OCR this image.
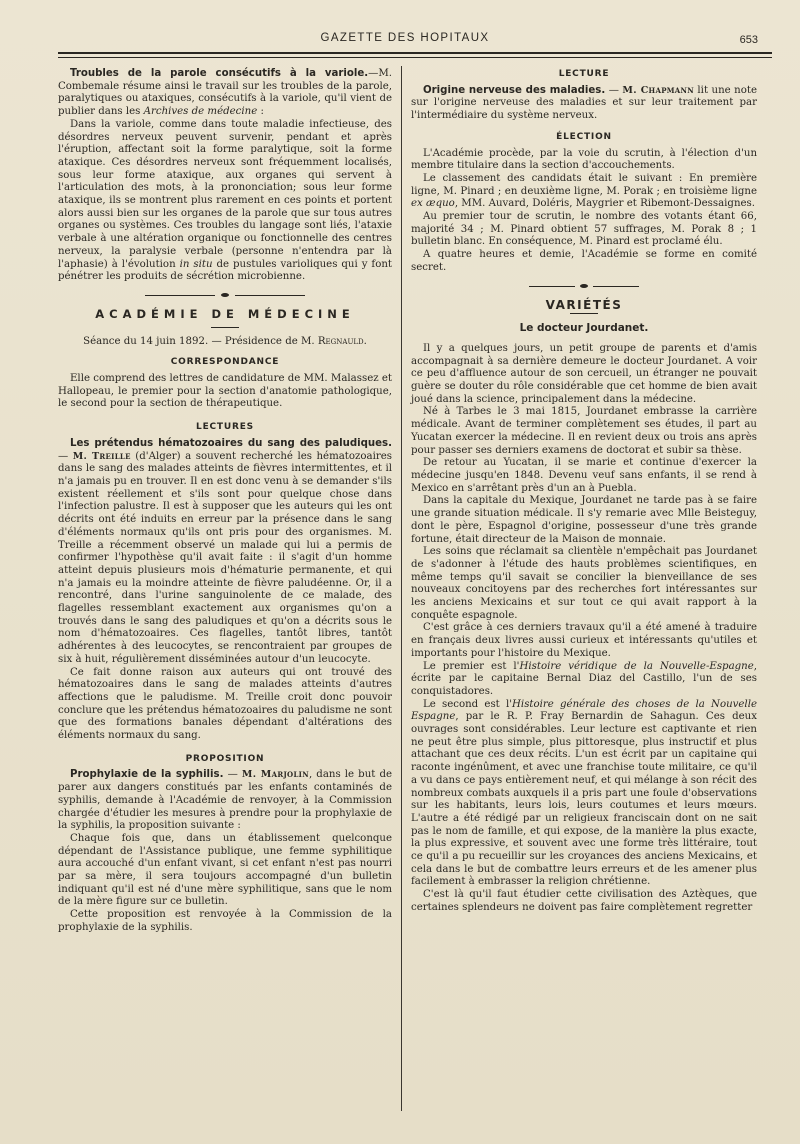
GAZETTE DES HOPITAUX	653

Troubles de la parole consécutifs à la variole.—M. Combemale résume ainsi le travail sur les troubles de la parole, paralytiques ou ataxiques, consécutifs à la variole, qu'il vient de publier dans les Archives de médecine :

Dans la variole, comme dans toute maladie infectieuse, des désordres nerveux peuvent survenir, pendant et après l'éruption, affectant soit la forme paralytique, soit la forme ataxique. Ces désordres nerveux sont fréquemment localisés, sous leur forme ataxique, aux organes qui servent à l'articulation des mots, à la prononciation; sous leur forme ataxique, ils se montrent plus rarement en ces points et portent alors aussi bien sur les organes de la parole que sur tous autres organes ou systèmes. Ces troubles du langage sont liés, l'ataxie verbale à une altération organique ou fonctionnelle des centres nerveux, la paralysie verbale (personne n'entendra par là l'aphasie) à l'évolution in situ de pustules varioliques qui y font pénétrer les produits de sécrétion microbienne.

ACADÉMIE DE MÉDECINE

Séance du 14 juin 1892. — Présidence de M. Regnauld.

CORRESPONDANCE

Elle comprend des lettres de candidature de MM. Malassez et Hallopeau, le premier pour la section d'anatomie pathologique, le second pour la section de thérapeutique.

LECTURES

Les prétendus hématozoaires du sang des paludiques. — M. Treille (d'Alger) a souvent recherché les hématozoaires dans le sang des malades atteints de fièvres intermittentes, et il n'a jamais pu en trouver. Il en est donc venu à se demander s'ils existent réellement et s'ils sont pour quelque chose dans l'infection palustre. Il est à supposer que les auteurs qui les ont décrits ont été induits en erreur par la présence dans le sang d'éléments normaux qu'ils ont pris pour des organismes. M. Treille a récemment observé un malade qui lui a permis de confirmer l'hypothèse qu'il avait faite : il s'agit d'un homme atteint depuis plusieurs mois d'hématurie permanente, et qui n'a jamais eu la moindre atteinte de fièvre paludéenne. Or, il a rencontré, dans l'urine sanguinolente de ce malade, des flagelles ressemblant exactement aux organismes qu'on a trouvés dans le sang des paludiques et qu'on a décrits sous le nom d'hématozoaires. Ces flagelles, tantôt libres, tantôt adhérentes à des leucocytes, se rencontraient par groupes de six à huit, régulièrement disséminées autour d'un leucocyte.

Ce fait donne raison aux auteurs qui ont trouvé des hématozoaires dans le sang de malades atteints d'autres affections que le paludisme. M. Treille croit donc pouvoir conclure que les prétendus hématozoaires du paludisme ne sont que des formations banales dépendant d'altérations des éléments normaux du sang.

PROPOSITION

Prophylaxie de la syphilis. — M. Marjolin, dans le but de parer aux dangers constitués par les enfants contaminés de syphilis, demande à l'Académie de renvoyer, à la Commission chargée d'étudier les mesures à prendre pour la prophylaxie de la syphilis, la proposition suivante :

Chaque fois que, dans un établissement quelconque dépendant de l'Assistance publique, une femme syphilitique aura accouché d'un enfant vivant, si cet enfant n'est pas nourri par sa mère, il sera toujours accompagné d'un bulletin indiquant qu'il est né d'une mère syphilitique, sans que le nom de la mère figure sur ce bulletin.

Cette proposition est renvoyée à la Commission de la prophylaxie de la syphilis.

LECTURE

Origine nerveuse des maladies. — M. Chapmann lit une note sur l'origine nerveuse des maladies et sur leur traitement par l'intermédiaire du système nerveux.

ÉLECTION

L'Académie procède, par la voie du scrutin, à l'élection d'un membre titulaire dans la section d'accouchements.

Le classement des candidats était le suivant : En première ligne, M. Pinard ; en deuxième ligne, M. Porak ; en troisième ligne ex æquo, MM. Auvard, Doléris, Maygrier et Ribemont-Dessaignes.

Au premier tour de scrutin, le nombre des votants étant 66, majorité 34 ; M. Pinard obtient 57 suffrages, M. Porak 8 ; 1 bulletin blanc. En conséquence, M. Pinard est proclamé élu.

A quatre heures et demie, l'Académie se forme en comité secret.

VARIÉTÉS
Le docteur Jourdanet.

Il y a quelques jours, un petit groupe de parents et d'amis accompagnait à sa dernière demeure le docteur Jourdanet. A voir ce peu d'affluence autour de son cercueil, un étranger ne pouvait guère se douter du rôle considérable que cet homme de bien avait joué dans la science, principalement dans la médecine.

Né à Tarbes le 3 mai 1815, Jourdanet embrasse la carrière médicale. Avant de terminer complètement ses études, il part au Yucatan exercer la médecine. Il en revient deux ou trois ans après pour passer ses derniers examens de doctorat et subir sa thèse.

De retour au Yucatan, il se marie et continue d'exercer la médecine jusqu'en 1848. Devenu veuf sans enfants, il se rend à Mexico en s'arrêtant près d'un an à Puebla.

Dans la capitale du Mexique, Jourdanet ne tarde pas à se faire une grande situation médicale. Il s'y remarie avec Mlle Beisteguy, dont le père, Espagnol d'origine, possesseur d'une très grande fortune, était directeur de la Maison de monnaie.

Les soins que réclamait sa clientèle n'empêchait pas Jourdanet de s'adonner à l'étude des hauts problèmes scientifiques, en même temps qu'il savait se concilier la bienveillance de ses nouveaux concitoyens par des recherches fort intéressantes sur les anciens Mexicains et sur tout ce qui avait rapport à la conquête espagnole.

C'est grâce à ces derniers travaux qu'il a été amené à traduire en français deux livres aussi curieux et intéressants qu'utiles et importants pour l'histoire du Mexique.

Le premier est l'Histoire véridique de la Nouvelle-Espagne, écrite par le capitaine Bernal Diaz del Castillo, l'un de ses conquistadores.

Le second est l'Histoire générale des choses de la Nouvelle Espagne, par le R. P. Fray Bernardin de Sahagun. Ces deux ouvrages sont considérables. Leur lecture est captivante et rien ne peut être plus simple, plus pittoresque, plus instructif et plus attachant que ces deux récits. L'un est écrit par un capitaine qui raconte ingénûment, et avec une franchise toute militaire, ce qu'il a vu dans ce pays entièrement neuf, et qui mélange à son récit des nombreux combats auxquels il a pris part une foule d'observations sur les habitants, leurs lois, leurs coutumes et leurs mœurs. L'autre a été rédigé par un religieux franciscain dont on ne sait pas le nom de famille, et qui expose, de la manière la plus exacte, la plus expressive, et souvent avec une forme très littéraire, tout ce qu'il a pu recueillir sur les croyances des anciens Mexicains, et cela dans le but de combattre leurs erreurs et de les amener plus facilement à embrasser la religion chrétienne.

C'est là qu'il faut étudier cette civilisation des Aztèques, que certaines splendeurs ne doivent pas faire complètement regretter
